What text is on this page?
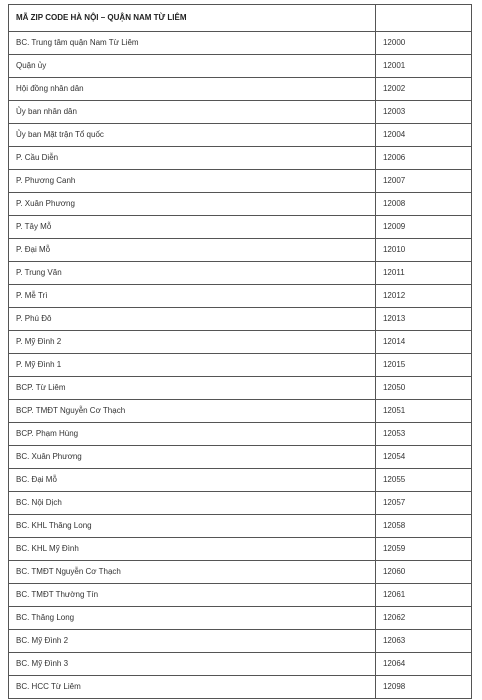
MÃ ZIP CODE HÀ NỘI – QUẬN NAM TỪ LIÊM	
BC. Trung tâm quận Nam Từ Liêm	12000
Quận ủy	12001
Hội đồng nhân dân	12002
Ủy ban nhân dân	12003
Ủy ban Mặt trận Tổ quốc	12004
P. Cầu Diễn	12006
P. Phương Canh	12007
P. Xuân Phương	12008
P. Tây Mỗ	12009
P. Đại Mỗ	12010
P. Trung Văn	12011
P. Mễ Trì	12012
P. Phú Đô	12013
P. Mỹ Đình 2	12014
P. Mỹ Đình 1	12015
BCP. Từ Liêm	12050
BCP. TMĐT Nguyễn Cơ Thạch	12051
BCP. Phạm Hùng	12053
BC. Xuân Phương	12054
BC. Đại Mỗ	12055
BC. Nội Dịch	12057
BC. KHL Thăng Long	12058
BC. KHL Mỹ Đình	12059
BC. TMĐT Nguyễn Cơ Thạch	12060
BC. TMĐT Thường Tín	12061
BC. Thăng Long	12062
BC. Mỹ Đình 2	12063
BC. Mỹ Đình 3	12064
BC. HCC Từ Liêm	12098
